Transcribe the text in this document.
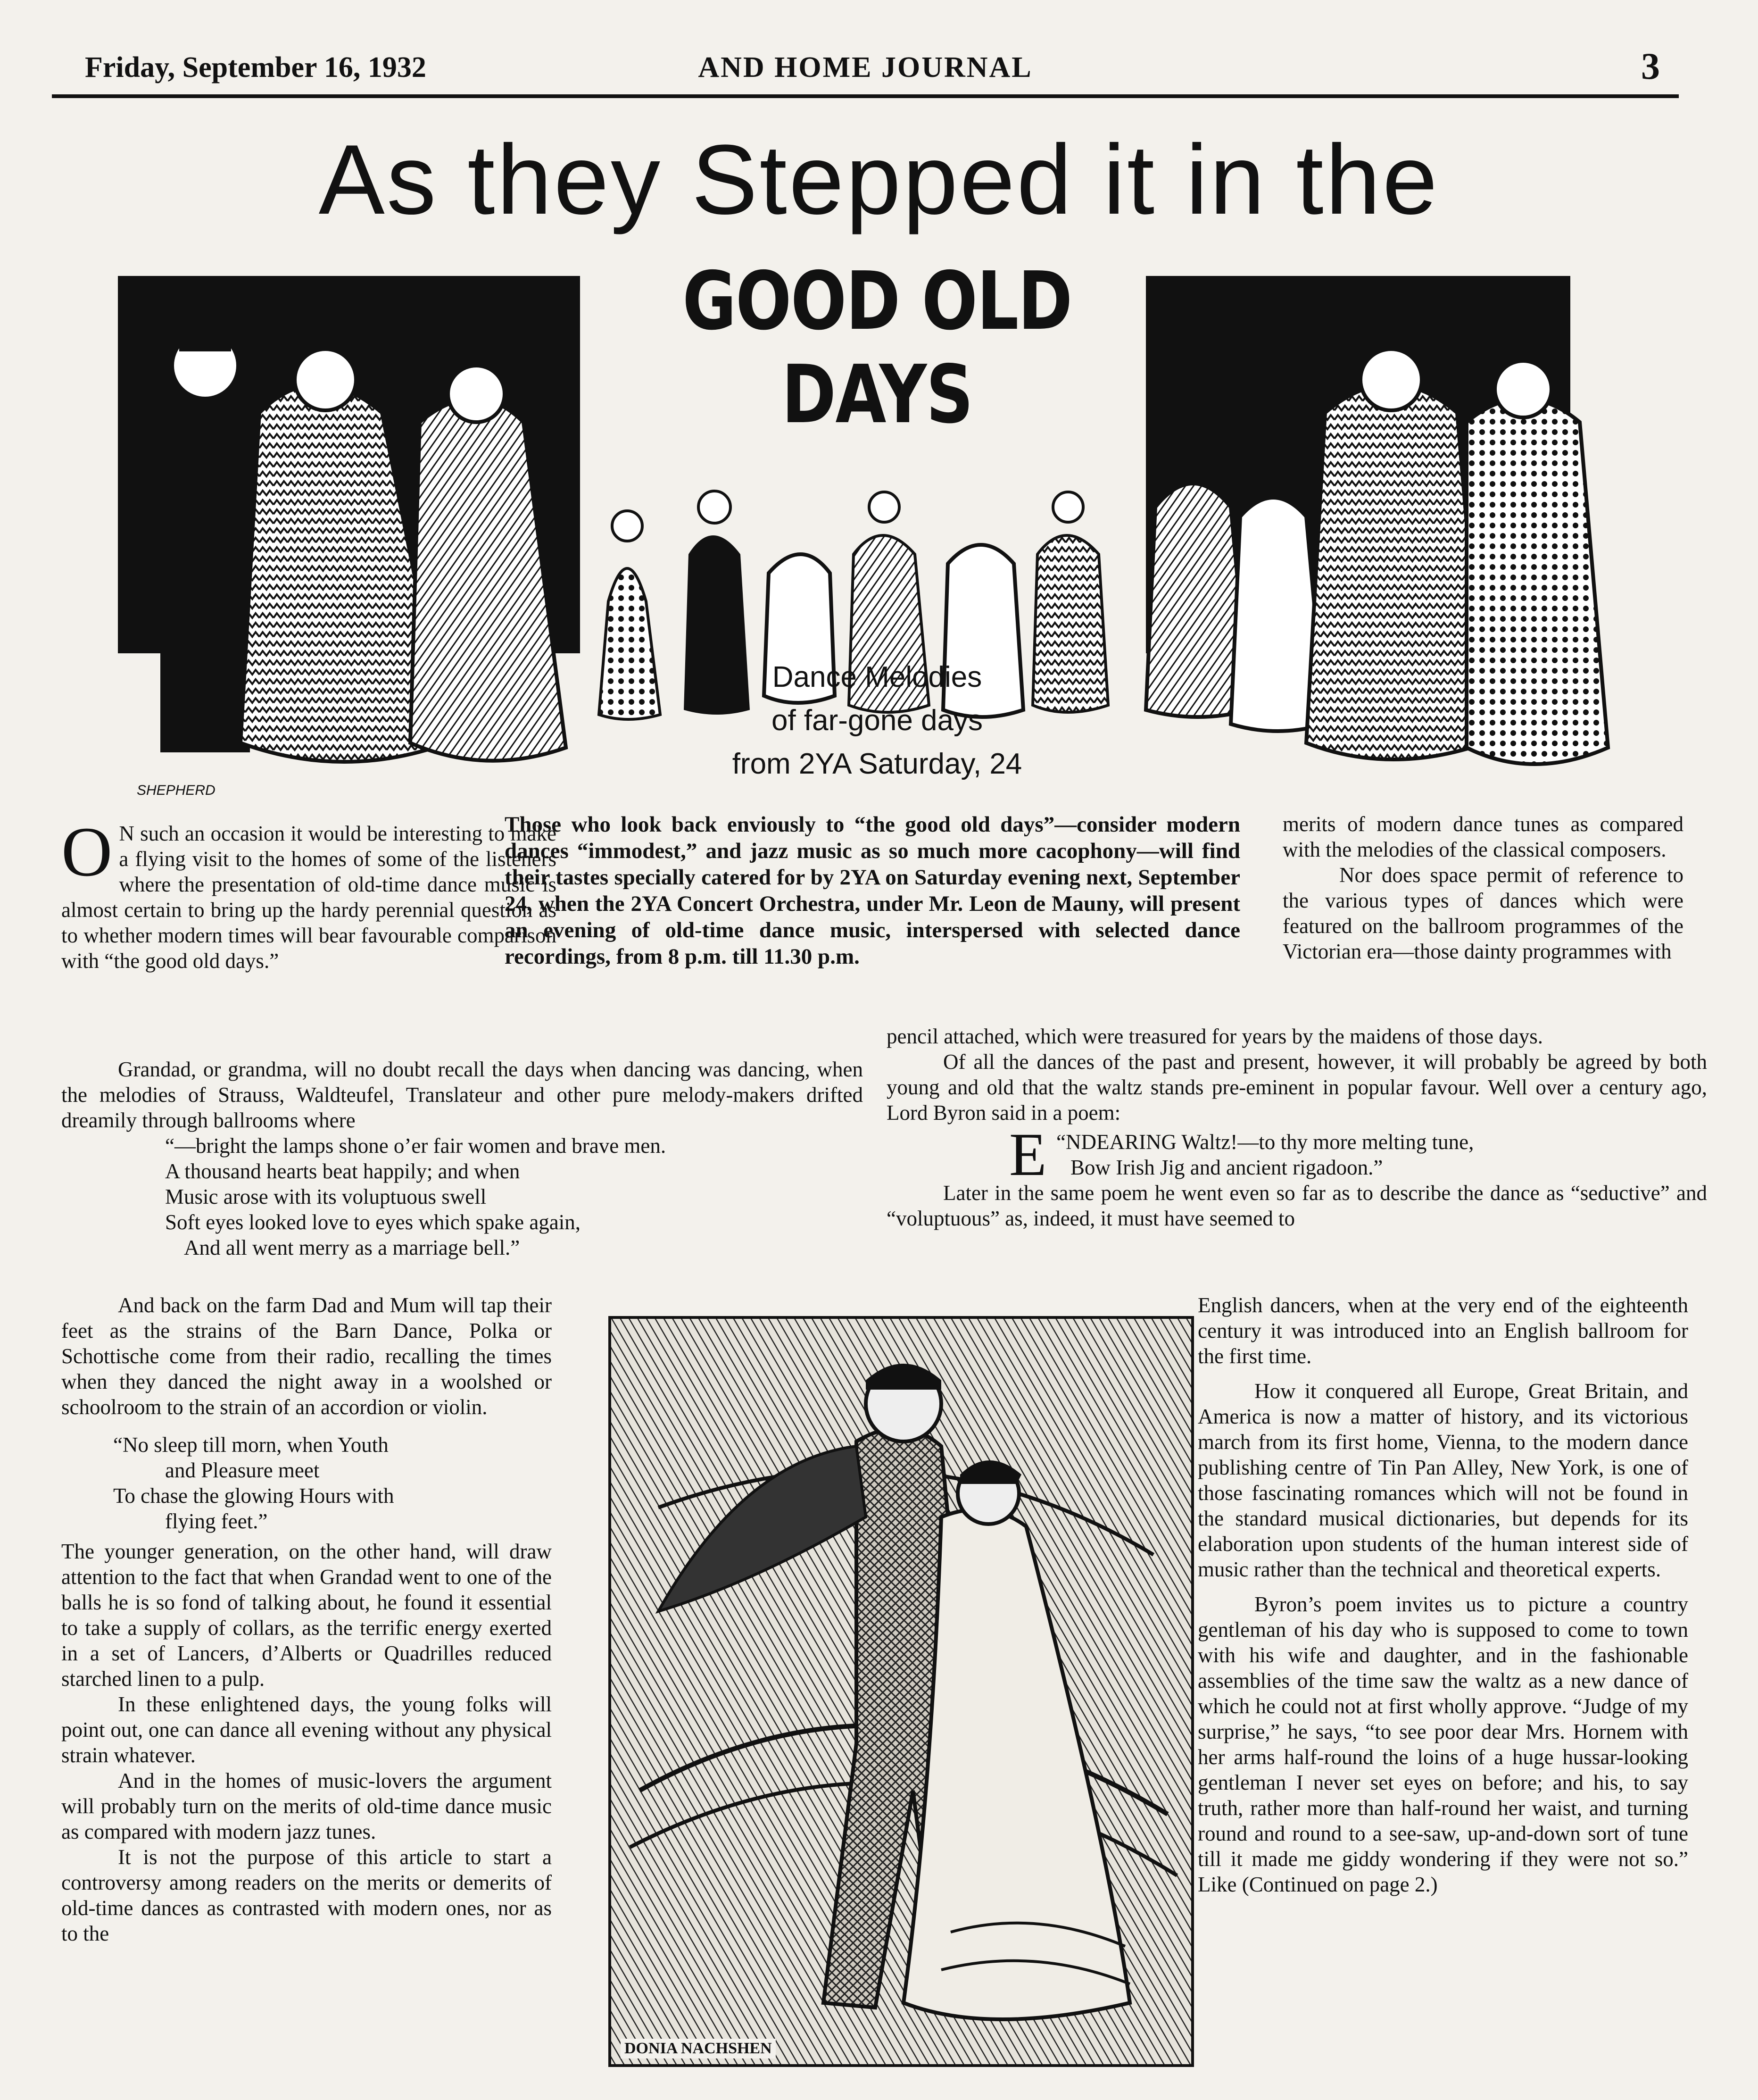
Friday, September 16, 1932	AND HOME JOURNAL	3
As they Stepped it in the
SHEPHERD
GOOD OLD DAYS
Dance Melodies
of far-gone days
from 2YA Saturday, 24
Those who look back enviously to “the good old days”—consider modern dances “immodest,” and jazz music as so much more cacophony—will find their tastes specially catered for by 2YA on Saturday evening next, September 24, when the 2YA Concert Orchestra, under Mr. Leon de Mauny, will present an evening of old-time dance music, interspersed with selected dance recordings, from 8 p.m. till 11.30 p.m.

O N such an occasion it would be interesting to make a flying visit to the homes of some of the listeners where the presentation of old-time dance music is almost certain to bring up the hardy perennial question as to whether modern times will bear favourable comparison with “the good old days.”

Grandad, or grandma, will no doubt recall the days when dancing was dancing, when the melodies of Strauss, Waldteufel, Translateur and other pure melody-makers drifted dreamily through ballrooms where

“—bright the lamps shone o’er fair women and brave men.
A thousand hearts beat happily; and when
Music arose with its voluptuous swell
Soft eyes looked love to eyes which spake again,
And all went merry as a marriage bell.”

And back on the farm Dad and Mum will tap their feet as the strains of the Barn Dance, Polka or Schottische come from their radio, recalling the times when they danced the night away in a woolshed or schoolroom to the strain of an accordion or violin.

“No sleep till morn, when Youth
and Pleasure meet
To chase the glowing Hours with
flying feet.”

The younger generation, on the other hand, will draw attention to the fact that when Grandad went to one of the balls he is so fond of talking about, he found it essential to take a supply of collars, as the terrific energy exerted in a set of Lancers, d’Alberts or Quadrilles reduced starched linen to a pulp.

In these enlightened days, the young folks will point out, one can dance all evening without any physical strain whatever.

And in the homes of music-lovers the argument will probably turn on the merits of old-time dance music as compared with modern jazz tunes.

It is not the purpose of this article to start a controversy among readers on the merits or demerits of old-time dances as contrasted with modern ones, nor as to the

pencil attached, which were treasured for years by the maidens of those days.

Of all the dances of the past and present, however, it will probably be agreed by both young and old that the waltz stands pre-eminent in popular favour. Well over a century ago, Lord Byron said in a poem:

E “NDEARING Waltz!—to thy more melting tune,
Bow Irish Jig and ancient rigadoon.”

Later in the same poem he went even so far as to describe the dance as “seductive” and “voluptuous” as, indeed, it must have seemed to

merits of modern dance tunes as compared with the melodies of the classical composers.

Nor does space permit of reference to the various types of dances which were featured on the ballroom programmes of the Victorian era—those dainty programmes with

English dancers, when at the very end of the eighteenth century it was introduced into an English ballroom for the first time.

How it conquered all Europe, Great Britain, and America is now a matter of history, and its victorious march from its first home, Vienna, to the modern dance publishing centre of Tin Pan Alley, New York, is one of those fascinating romances which will not be found in the standard musical dictionaries, but depends for its elaboration upon students of the human interest side of music rather than the technical and theoretical experts.

Byron’s poem invites us to picture a country gentleman of his day who is supposed to come to town with his wife and daughter, and in the fashionable assemblies of the time saw the waltz as a new dance of which he could not at first wholly approve. “Judge of my surprise,” he says, “to see poor dear Mrs. Hornem with her arms half-round the loins of a huge hussar-looking gentleman I never set eyes on before; and his, to say truth, rather more than half-round her waist, and turning round and round to a see-saw, up-and-down sort of tune till it made me giddy wondering if they were not so.” Like (Continued on page 2.)

DONIA NACHSHEN
